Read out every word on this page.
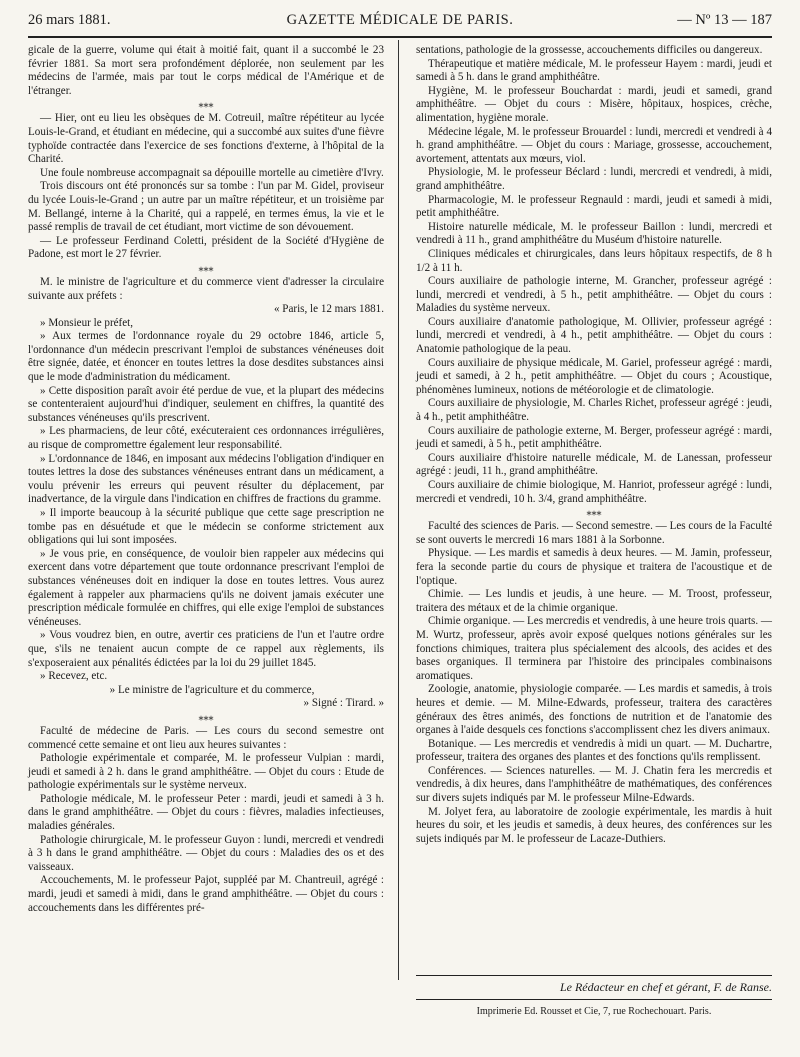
26 mars 1881.	GAZETTE MÉDICALE DE PARIS.	— Nº 13 — 187

gicale de la guerre, volume qui était à moitié fait, quant il a succombé le 23 février 1881. Sa mort sera profondément déplorée, non seulement par les médecins de l'armée, mais par tout le corps médical de l'Amérique et de l'étranger.

⁎⁎⁎

— Hier, ont eu lieu les obsèques de M. Cotreuil, maître répétiteur au lycée Louis-le-Grand, et étudiant en médecine, qui a succombé aux suites d'une fièvre typhoïde contractée dans l'exercice de ses fonctions d'externe, à l'hôpital de la Charité.

Une foule nombreuse accompagnait sa dépouille mortelle au cimetière d'Ivry.

Trois discours ont été prononcés sur sa tombe : l'un par M. Gidel, proviseur du lycée Louis-le-Grand ; un autre par un maître répétiteur, et un troisième par M. Bellangé, interne à la Charité, qui a rappelé, en termes émus, la vie et le passé remplis de travail de cet étudiant, mort victime de son dévouement.

— Le professeur Ferdinand Coletti, président de la Société d'Hygiène de Padone, est mort le 27 février.

⁎⁎⁎

M. le ministre de l'agriculture et du commerce vient d'adresser la circulaire suivante aux préfets :

« Paris, le 12 mars 1881.

» Monsieur le préfet,

» Aux termes de l'ordonnance royale du 29 octobre 1846, article 5, l'ordonnance d'un médecin prescrivant l'emploi de substances vénéneuses doit être signée, datée, et énoncer en toutes lettres la dose desdites substances ainsi que le mode d'administration du médicament.

» Cette disposition paraît avoir été perdue de vue, et la plupart des médecins se contenteraient aujourd'hui d'indiquer, seulement en chiffres, la quantité des substances vénéneuses qu'ils prescrivent.

» Les pharmaciens, de leur côté, exécuteraient ces ordonnances irrégulières, au risque de compromettre également leur responsabilité.

» L'ordonnance de 1846, en imposant aux médecins l'obligation d'indiquer en toutes lettres la dose des substances vénéneuses entrant dans un médicament, a voulu prévenir les erreurs qui peuvent résulter du déplacement, par inadvertance, de la virgule dans l'indication en chiffres de fractions du gramme.

» Il importe beaucoup à la sécurité publique que cette sage prescription ne tombe pas en désuétude et que le médecin se conforme strictement aux obligations qui lui sont imposées.

» Je vous prie, en conséquence, de vouloir bien rappeler aux médecins qui exercent dans votre département que toute ordonnance prescrivant l'emploi de substances vénéneuses doit en indiquer la dose en toutes lettres. Vous aurez également à rappeler aux pharmaciens qu'ils ne doivent jamais exécuter une prescription médicale formulée en chiffres, qui elle exige l'emploi de substances vénéneuses.

» Vous voudrez bien, en outre, avertir ces praticiens de l'un et l'autre ordre que, s'ils ne tenaient aucun compte de ce rappel aux règlements, ils s'exposeraient aux pénalités édictées par la loi du 29 juillet 1845.

» Recevez, etc.

» Le ministre de l'agriculture et du commerce,

» Signé : Tirard. »

⁎⁎⁎

Faculté de médecine de Paris. — Les cours du second semestre ont commencé cette semaine et ont lieu aux heures suivantes :

Pathologie expérimentale et comparée, M. le professeur Vulpian : mardi, jeudi et samedi à 2 h. dans le grand amphithéâtre. — Objet du cours : Etude de pathologie expérimentals sur le système nerveux.

Pathologie médicale, M. le professeur Peter : mardi, jeudi et samedi à 3 h. dans le grand amphithéâtre. — Objet du cours : fièvres, maladies infectieuses, maladies générales.

Pathologie chirurgicale, M. le professeur Guyon : lundi, mercredi et vendredi à 3 h dans le grand amphithéâtre. — Objet du cours : Maladies des os et des vaisseaux.

Accouchements, M. le professeur Pajot, suppléé par M. Chantreuil, agrégé : mardi, jeudi et samedi à midi, dans le grand amphithéâtre. — Objet du cours : accouchements dans les différentes pré-

sentations, pathologie de la grossesse, accouchements difficiles ou dangereux.

Thérapeutique et matière médicale, M. le professeur Hayem : mardi, jeudi et samedi à 5 h. dans le grand amphithéâtre.

Hygiène, M. le professeur Bouchardat : mardi, jeudi et samedi, grand amphithéâtre. — Objet du cours : Misère, hôpitaux, hospices, crèche, alimentation, hygiène morale.

Médecine légale, M. le professeur Brouardel : lundi, mercredi et vendredi à 4 h. grand amphithéâtre. — Objet du cours : Mariage, grossesse, accouchement, avortement, attentats aux mœurs, viol.

Physiologie, M. le professeur Béclard : lundi, mercredi et vendredi, à midi, grand amphithéâtre.

Pharmacologie, M. le professeur Regnauld : mardi, jeudi et samedi à midi, petit amphithéâtre.

Histoire naturelle médicale, M. le professeur Baillon : lundi, mercredi et vendredi à 11 h., grand amphithéâtre du Muséum d'histoire naturelle.

Cliniques médicales et chirurgicales, dans leurs hôpitaux respectifs, de 8 h 1/2 à 11 h.

Cours auxiliaire de pathologie interne, M. Grancher, professeur agrégé : lundi, mercredi et vendredi, à 5 h., petit amphithéâtre. — Objet du cours : Maladies du système nerveux.

Cours auxiliaire d'anatomie pathologique, M. Ollivier, professeur agrégé : lundi, mercredi et vendredi, à 4 h., petit amphithéâtre. — Objet du cours : Anatomie pathologique de la peau.

Cours auxiliaire de physique médicale, M. Gariel, professeur agrégé : mardi, jeudi et samedi, à 2 h., petit amphithéâtre. — Objet du cours ; Acoustique, phénomènes lumineux, notions de météorologie et de climatologie.

Cours auxiliaire de physiologie, M. Charles Richet, professeur agrégé : jeudi, à 4 h., petit amphithéâtre.

Cours auxiliaire de pathologie externe, M. Berger, professeur agrégé : mardi, jeudi et samedi, à 5 h., petit amphithéâtre.

Cours auxiliaire d'histoire naturelle médicale, M. de Lanessan, professeur agrégé : jeudi, 11 h., grand amphithéâtre.

Cours auxiliaire de chimie biologique, M. Hanriot, professeur agrégé : lundi, mercredi et vendredi, 10 h. 3/4, grand amphithéâtre.

⁎⁎⁎

Faculté des sciences de Paris. — Second semestre. — Les cours de la Faculté se sont ouverts le mercredi 16 mars 1881 à la Sorbonne.

Physique. — Les mardis et samedis à deux heures. — M. Jamin, professeur, fera la seconde partie du cours de physique et traitera de l'acoustique et de l'optique.

Chimie. — Les lundis et jeudis, à une heure. — M. Troost, professeur, traitera des métaux et de la chimie organique.

Chimie organique. — Les mercredis et vendredis, à une heure trois quarts. — M. Wurtz, professeur, après avoir exposé quelques notions générales sur les fonctions chimiques, traitera plus spécialement des alcools, des acides et des bases organiques. Il terminera par l'histoire des principales combinaisons aromatiques.

Zoologie, anatomie, physiologie comparée. — Les mardis et samedis, à trois heures et demie. — M. Milne-Edwards, professeur, traitera des caractères généraux des êtres animés, des fonctions de nutrition et de l'anatomie des organes à l'aide desquels ces fonctions s'accomplissent chez les divers animaux.

Botanique. — Les mercredis et vendredis à midi un quart. — M. Duchartre, professeur, traitera des organes des plantes et des fonctions qu'ils remplissent.

Conférences. — Sciences naturelles. — M. J. Chatin fera les mercredis et vendredis, à dix heures, dans l'amphithéâtre de mathématiques, des conférences sur divers sujets indiqués par M. le professeur Milne-Edwards.

M. Jolyet fera, au laboratoire de zoologie expérimentale, les mardis à huit heures du soir, et les jeudis et samedis, à deux heures, des conférences sur les sujets indiqués par M. le professeur de Lacaze-Duthiers.

Le Rédacteur en chef et gérant, F. de Ranse.
Imprimerie Ed. Rousset et Cie, 7, rue Rochechouart. Paris.
